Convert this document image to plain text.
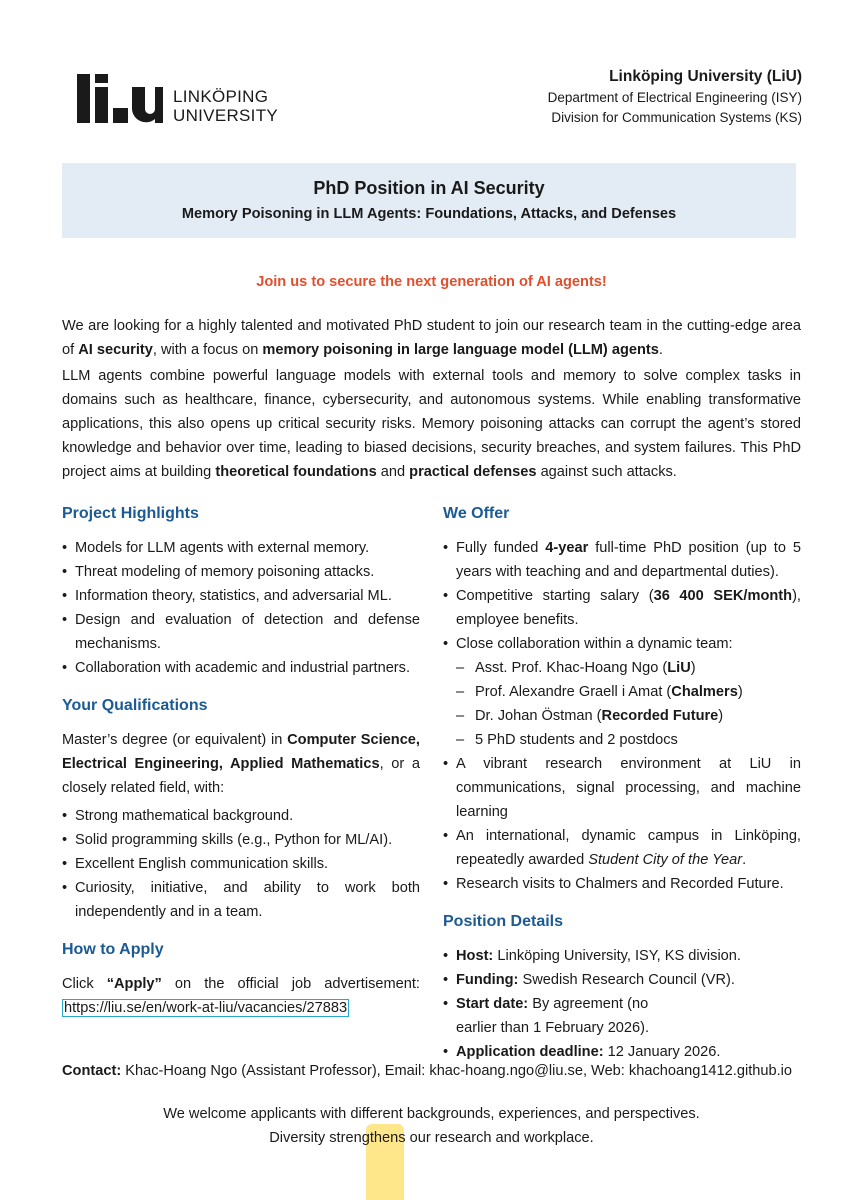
LINKÖPING
UNIVERSITY
Linköping University (LiU)
Department of Electrical Engineering (ISY)
Division for Communication Systems (KS)
PhD Position in AI Security
Memory Poisoning in LLM Agents: Foundations, Attacks, and Defenses
Join us to secure the next generation of AI agents!

We are looking for a highly talented and motivated PhD student to join our research team in the cutting-edge area of AI security, with a focus on memory poisoning in large language model (LLM) agents.

LLM agents combine powerful language models with external tools and memory to solve complex tasks in domains such as healthcare, finance, cybersecurity, and autonomous systems. While enabling transformative applications, this also opens up critical security risks. Memory poisoning attacks can corrupt the agent’s stored knowledge and behavior over time, leading to biased decisions, security breaches, and system failures. This PhD project aims at building theoretical foundations and practical defenses against such attacks.

Project Highlights
• Models for LLM agents with external memory.
• Threat modeling of memory poisoning attacks.
• Information theory, statistics, and adversarial ML.
• Design and evaluation of detection and defense mechanisms.
• Collaboration with academic and industrial partners.
Your Qualifications

Master’s degree (or equivalent) in Computer Science, Electrical Engineering, Applied Mathematics, or a closely related field, with:

• Strong mathematical background.
• Solid programming skills (e.g., Python for ML/AI).
• Excellent English communication skills.
• Curiosity, initiative, and ability to work both independently and in a team.
How to Apply

Click “Apply” on the official job advertisement: https://liu.se/en/work-at-liu/vacancies/27883

We Offer
• Fully funded 4-year full-time PhD position (up to 5 years with teaching and and departmental duties).
• Competitive starting salary (36 400 SEK/month), employee benefits.
• Close collaboration within a dynamic team:
– Asst. Prof. Khac-Hoang Ngo (LiU)
– Prof. Alexandre Graell i Amat (Chalmers)
– Dr. Johan Östman (Recorded Future)
– 5 PhD students and 2 postdocs
• A vibrant research environment at LiU in communications, signal processing, and machine learning
• An international, dynamic campus in Linköping, repeatedly awarded Student City of the Year.
• Research visits to Chalmers and Recorded Future.
Position Details
• Host: Linköping University, ISY, KS division.
• Funding: Swedish Research Council (VR).
• Start date: By agreement (no earlier than 1 February 2026).
• Application deadline: 12 January 2026.
Contact: Khac-Hoang Ngo (Assistant Professor), Email: khac-hoang.ngo@liu.se, Web: khachoang1412.github.io
We welcome applicants with different backgrounds, experiences, and perspectives.
Diversity strengthens our research and workplace.
